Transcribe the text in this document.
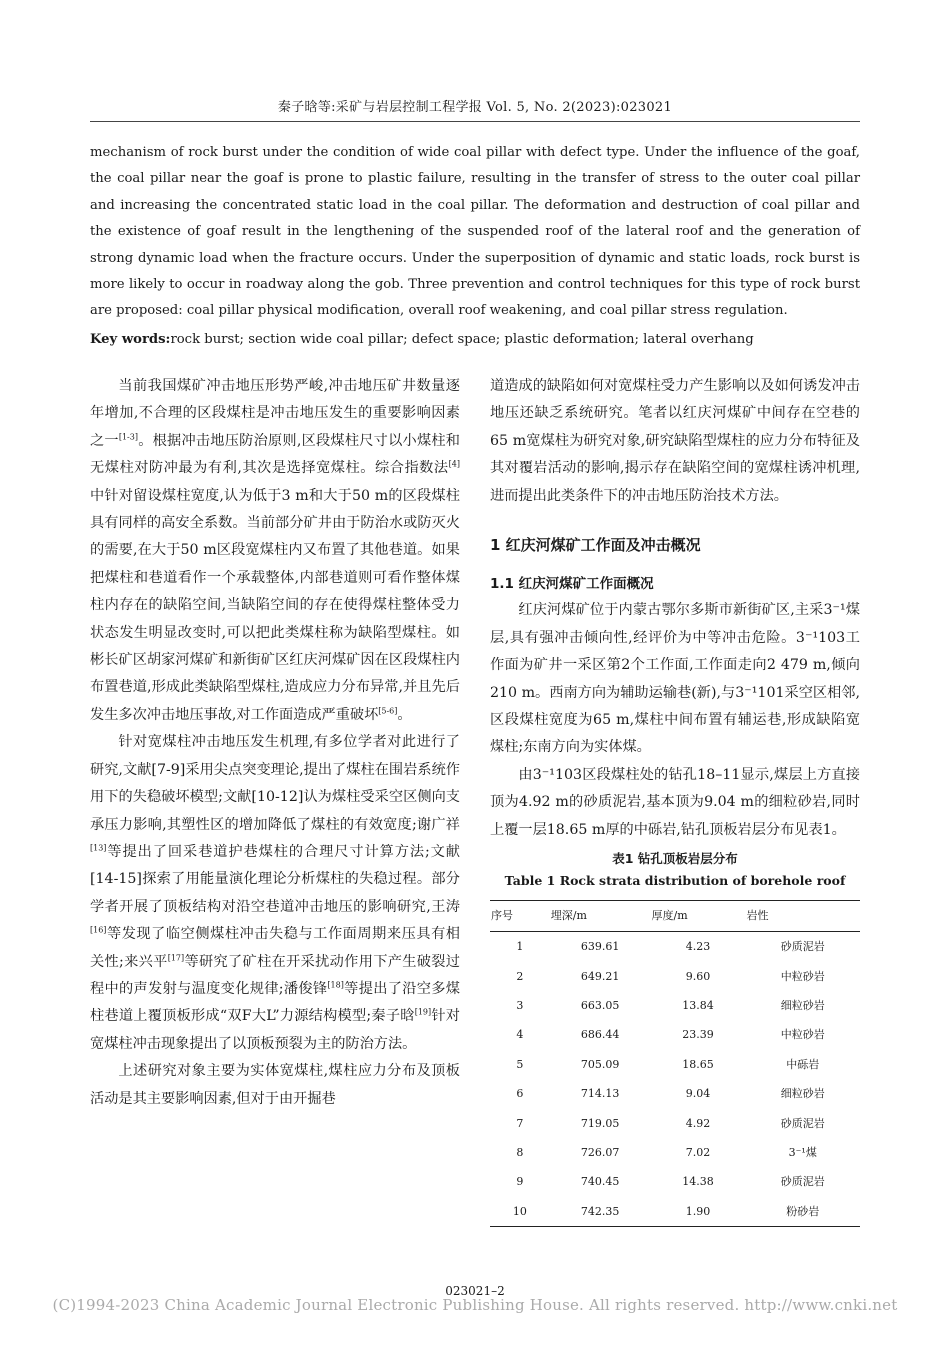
秦子晗等:采矿与岩层控制工程学报 Vol. 5, No. 2(2023):023021
mechanism of rock burst under the condition of wide coal pillar with defect type. Under the influence of the goaf, the coal pillar near the goaf is prone to plastic failure, resulting in the transfer of stress to the outer coal pillar and increasing the concentrated static load in the coal pillar. The deformation and destruction of coal pillar and the existence of goaf result in the lengthening of the suspended roof of the lateral roof and the generation of strong dynamic load when the fracture occurs. Under the superposition of dynamic and static loads, rock burst is more likely to occur in roadway along the gob. Three prevention and control techniques for this type of rock burst are proposed: coal pillar physical modification, overall roof weakening, and coal pillar stress regulation.
Key words:rock burst; section wide coal pillar; defect space; plastic deformation; lateral overhang

当前我国煤矿冲击地压形势严峻,冲击地压矿井数量逐年增加,不合理的区段煤柱是冲击地压发生的重要影响因素之一[1-3]。根据冲击地压防治原则,区段煤柱尺寸以小煤柱和无煤柱对防冲最为有利,其次是选择宽煤柱。综合指数法[4]中针对留设煤柱宽度,认为低于3 m和大于50 m的区段煤柱具有同样的高安全系数。当前部分矿井由于防治水或防灭火的需要,在大于50 m区段宽煤柱内又布置了其他巷道。如果把煤柱和巷道看作一个承载整体,内部巷道则可看作整体煤柱内存在的缺陷空间,当缺陷空间的存在使得煤柱整体受力状态发生明显改变时,可以把此类煤柱称为缺陷型煤柱。如彬长矿区胡家河煤矿和新街矿区红庆河煤矿因在区段煤柱内布置巷道,形成此类缺陷型煤柱,造成应力分布异常,并且先后发生多次冲击地压事故,对工作面造成严重破坏[5-6]。

针对宽煤柱冲击地压发生机理,有多位学者对此进行了研究,文献[7-9]采用尖点突变理论,提出了煤柱在围岩系统作用下的失稳破坏模型;文献[10-12]认为煤柱受采空区侧向支承压力影响,其塑性区的增加降低了煤柱的有效宽度;谢广祥[13]等提出了回采巷道护巷煤柱的合理尺寸计算方法;文献[14-15]探索了用能量演化理论分析煤柱的失稳过程。部分学者开展了顶板结构对沿空巷道冲击地压的影响研究,王涛[16]等发现了临空侧煤柱冲击失稳与工作面周期来压具有相关性;来兴平[17]等研究了矿柱在开采扰动作用下产生破裂过程中的声发射与温度变化规律;潘俊锋[18]等提出了沿空多煤柱巷道上覆顶板形成“双F大L”力源结构模型;秦子晗[19]针对宽煤柱冲击现象提出了以顶板预裂为主的防治方法。

上述研究对象主要为实体宽煤柱,煤柱应力分布及顶板活动是其主要影响因素,但对于由开掘巷

道造成的缺陷如何对宽煤柱受力产生影响以及如何诱发冲击地压还缺乏系统研究。笔者以红庆河煤矿中间存在空巷的65 m宽煤柱为研究对象,研究缺陷型煤柱的应力分布特征及其对覆岩活动的影响,揭示存在缺陷空间的宽煤柱诱冲机理,进而提出此类条件下的冲击地压防治技术方法。

1 红庆河煤矿工作面及冲击概况
1.1 红庆河煤矿工作面概况

红庆河煤矿位于内蒙古鄂尔多斯市新街矿区,主采3⁻¹煤层,具有强冲击倾向性,经评价为中等冲击危险。3⁻¹103工作面为矿井一采区第2个工作面,工作面走向2 479 m,倾向210 m。西南方向为辅助运输巷(新),与3⁻¹101采空区相邻,区段煤柱宽度为65 m,煤柱中间布置有辅运巷,形成缺陷宽煤柱;东南方向为实体煤。

由3⁻¹103区段煤柱处的钻孔18–11显示,煤层上方直接顶为4.92 m的砂质泥岩,基本顶为9.04 m的细粒砂岩,同时上覆一层18.65 m厚的中砾岩,钻孔顶板岩层分布见表1。

表1 钻孔顶板岩层分布
Table 1 Rock strata distribution of borehole roof
序号	埋深/m	厚度/m	岩性
1	639.61	4.23	砂质泥岩
2	649.21	9.60	中粒砂岩
3	663.05	13.84	细粒砂岩
4	686.44	23.39	中粒砂岩
5	705.09	18.65	中砾岩
6	714.13	9.04	细粒砂岩
7	719.05	4.92	砂质泥岩
8	726.07	7.02	3⁻¹煤
9	740.45	14.38	砂质泥岩
10	742.35	1.90	粉砂岩
023021–2
(C)1994-2023 China Academic Journal Electronic Publishing House. All rights reserved. http://www.cnki.net
